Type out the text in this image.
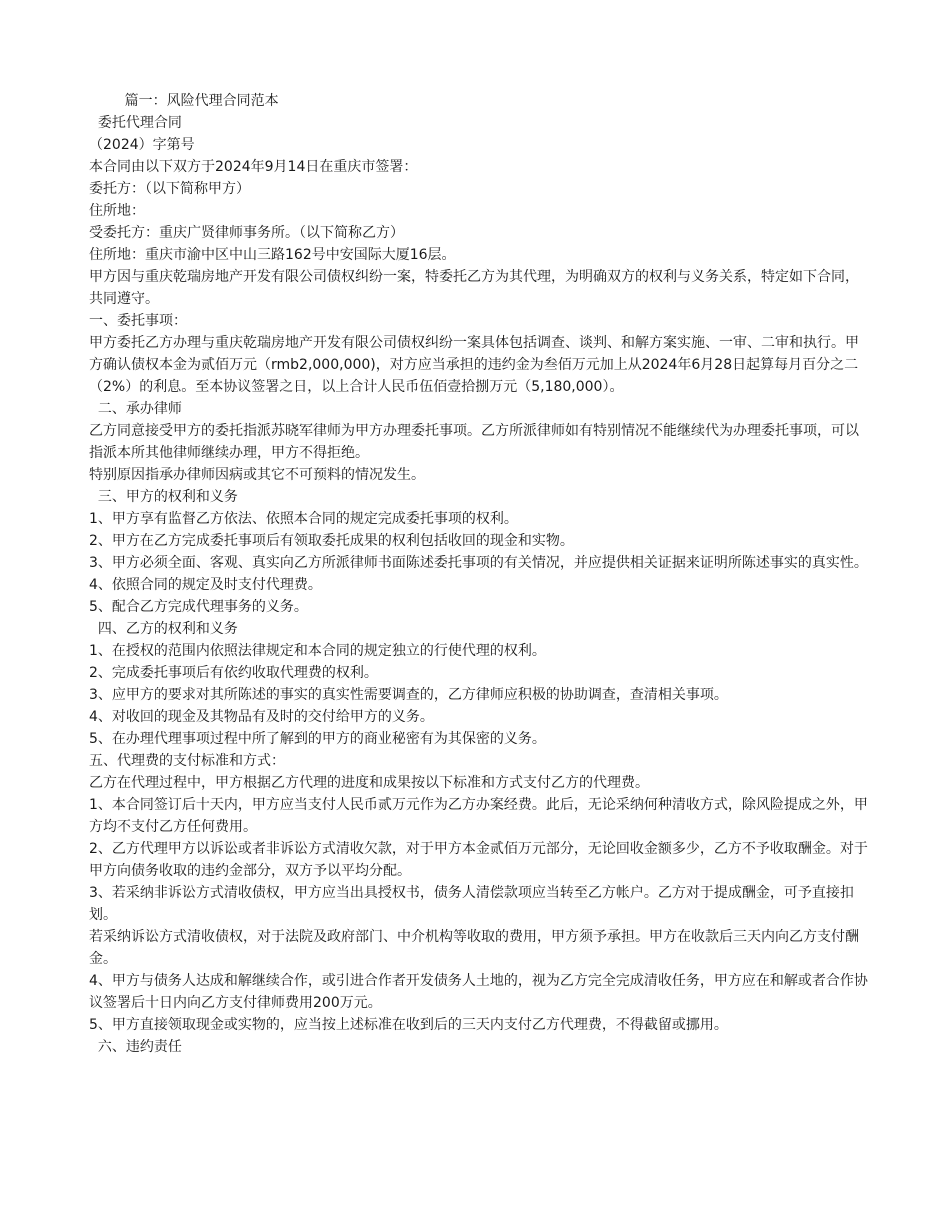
篇一：风险代理合同范本

委托代理合同

（2024）字第号

本合同由以下双方于2024年9月14日在重庆市签署：

委托方：（以下简称甲方）

住所地：

受委托方：重庆广贤律师事务所。（以下简称乙方）

住所地：重庆市渝中区中山三路162号中安国际大厦16层。

甲方因与重庆乾瑞房地产开发有限公司债权纠纷一案，特委托乙方为其代理，为明确双方的权利与义务关系，特定如下合同，共同遵守。

一、委托事项：

甲方委托乙方办理与重庆乾瑞房地产开发有限公司债权纠纷一案具体包括调查、谈判、和解方案实施、一审、二审和执行。甲方确认债权本金为贰佰万元（rmb2,000,000)，对方应当承担的违约金为叁佰万元加上从2024年6月28日起算每月百分之二（2%）的利息。至本协议签署之日，以上合计人民币伍佰壹拾捌万元（5,180,000）。

二、承办律师

乙方同意接受甲方的委托指派苏晓军律师为甲方办理委托事项。乙方所派律师如有特别情况不能继续代为办理委托事项，可以指派本所其他律师继续办理，甲方不得拒绝。

特别原因指承办律师因病或其它不可预料的情况发生。

三、甲方的权利和义务

1、甲方享有监督乙方依法、依照本合同的规定完成委托事项的权利。

2、甲方在乙方完成委托事项后有领取委托成果的权利包括收回的现金和实物。

3、甲方必须全面、客观、真实向乙方所派律师书面陈述委托事项的有关情况，并应提供相关证据来证明所陈述事实的真实性。

4、依照合同的规定及时支付代理费。

5、配合乙方完成代理事务的义务。

四、乙方的权利和义务

1、在授权的范围内依照法律规定和本合同的规定独立的行使代理的权利。

2、完成委托事项后有依约收取代理费的权利。

3、应甲方的要求对其所陈述的事实的真实性需要调查的，乙方律师应积极的协助调查，查清相关事项。

4、对收回的现金及其物品有及时的交付给甲方的义务。

5、在办理代理事项过程中所了解到的甲方的商业秘密有为其保密的义务。

五、代理费的支付标准和方式：

乙方在代理过程中，甲方根据乙方代理的进度和成果按以下标准和方式支付乙方的代理费。

1、本合同签订后十天内，甲方应当支付人民币贰万元作为乙方办案经费。此后，无论采纳何种清收方式，除风险提成之外，甲方均不支付乙方任何费用。

2、乙方代理甲方以诉讼或者非诉讼方式清收欠款，对于甲方本金贰佰万元部分，无论回收金额多少，乙方不予收取酬金。对于甲方向债务收取的违约金部分，双方予以平均分配。

3、若采纳非诉讼方式清收债权，甲方应当出具授权书，债务人清偿款项应当转至乙方帐户。乙方对于提成酬金，可予直接扣划。

若采纳诉讼方式清收债权，对于法院及政府部门、中介机构等收取的费用，甲方须予承担。甲方在收款后三天内向乙方支付酬金。

4、甲方与债务人达成和解继续合作，或引进合作者开发债务人土地的，视为乙方完全完成清收任务，甲方应在和解或者合作协议签署后十日内向乙方支付律师费用200万元。

5、甲方直接领取现金或实物的，应当按上述标准在收到后的三天内支付乙方代理费，不得截留或挪用。

六、违约责任
